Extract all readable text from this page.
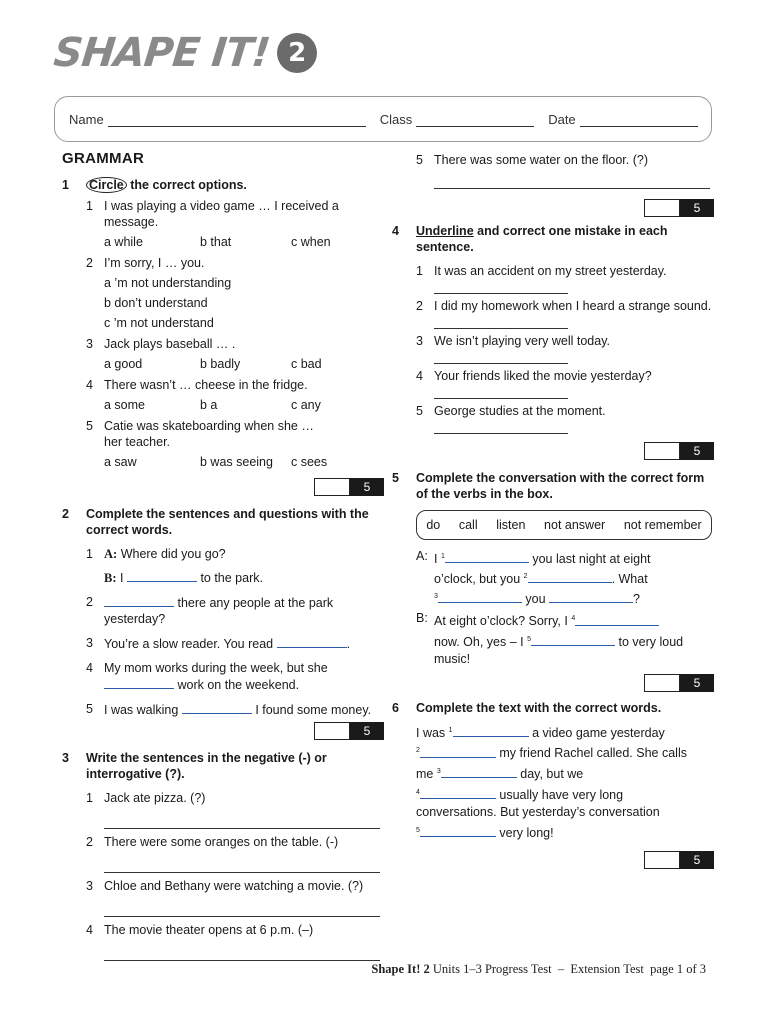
SHAPE IT! 2
Name	Class	Date
GRAMMAR
1	Circle the correct options.
1 I was playing a video game … I received a message.
a while	b that	c when
2 I’m sorry, I … you.
a ’m not understanding
b don’t understand
c ’m not understand
3 Jack plays baseball … .
a good	b badly	c bad
4 There wasn’t … cheese in the fridge.
a some	b a	c any
5 Catie was skateboarding when she … her teacher.
a saw	b was seeing	c sees
5
2	Complete the sentences and questions with the correct words.
1 A: Where did you go?
B: I	to the park.
2	there any people at the park yesterday?
3 You’re a slow reader. You read	.
4 My mom works during the week, but she  work on the weekend.
5 I was walking	I found some money.
5
3	Write the sentences in the negative (-) or interrogative (?).
1 Jack ate pizza. (?)
2 There were some oranges on the table. (-)
3 Chloe and Bethany were watching a movie. (?)
4 The movie theater opens at 6 p.m. (–)
5 There was some water on the floor. (?)
5
4	Underline and correct one mistake in each sentence.
1 It was an accident on my street yesterday.
2 I did my homework when I heard a strange sound.
3 We isn’t playing very well today.
4 Your friends liked the movie yesterday?
5 George studies at the moment.
5
5	Complete the conversation with the correct form of the verbs in the box.
do call listen not answer not remember
A: I $^1$	you last night at eight
o’clock, but you $^2$	. What
$^3$	you	?
B: At eight o’clock? Sorry, I $^4$
now. Oh, yes – I $^5$	to very loud
music!
5
6	Complete the text with the correct words.
I was $^1$	a video game yesterday
$^2$	my friend Rachel called. She calls
me $^3$	day, but we
$^4$	usually have very long
conversations. But yesterday’s conversation
$^5$	very long!
5
Shape It! 2 Units 1–3 Progress Test – Extension Test page 1 of 3
